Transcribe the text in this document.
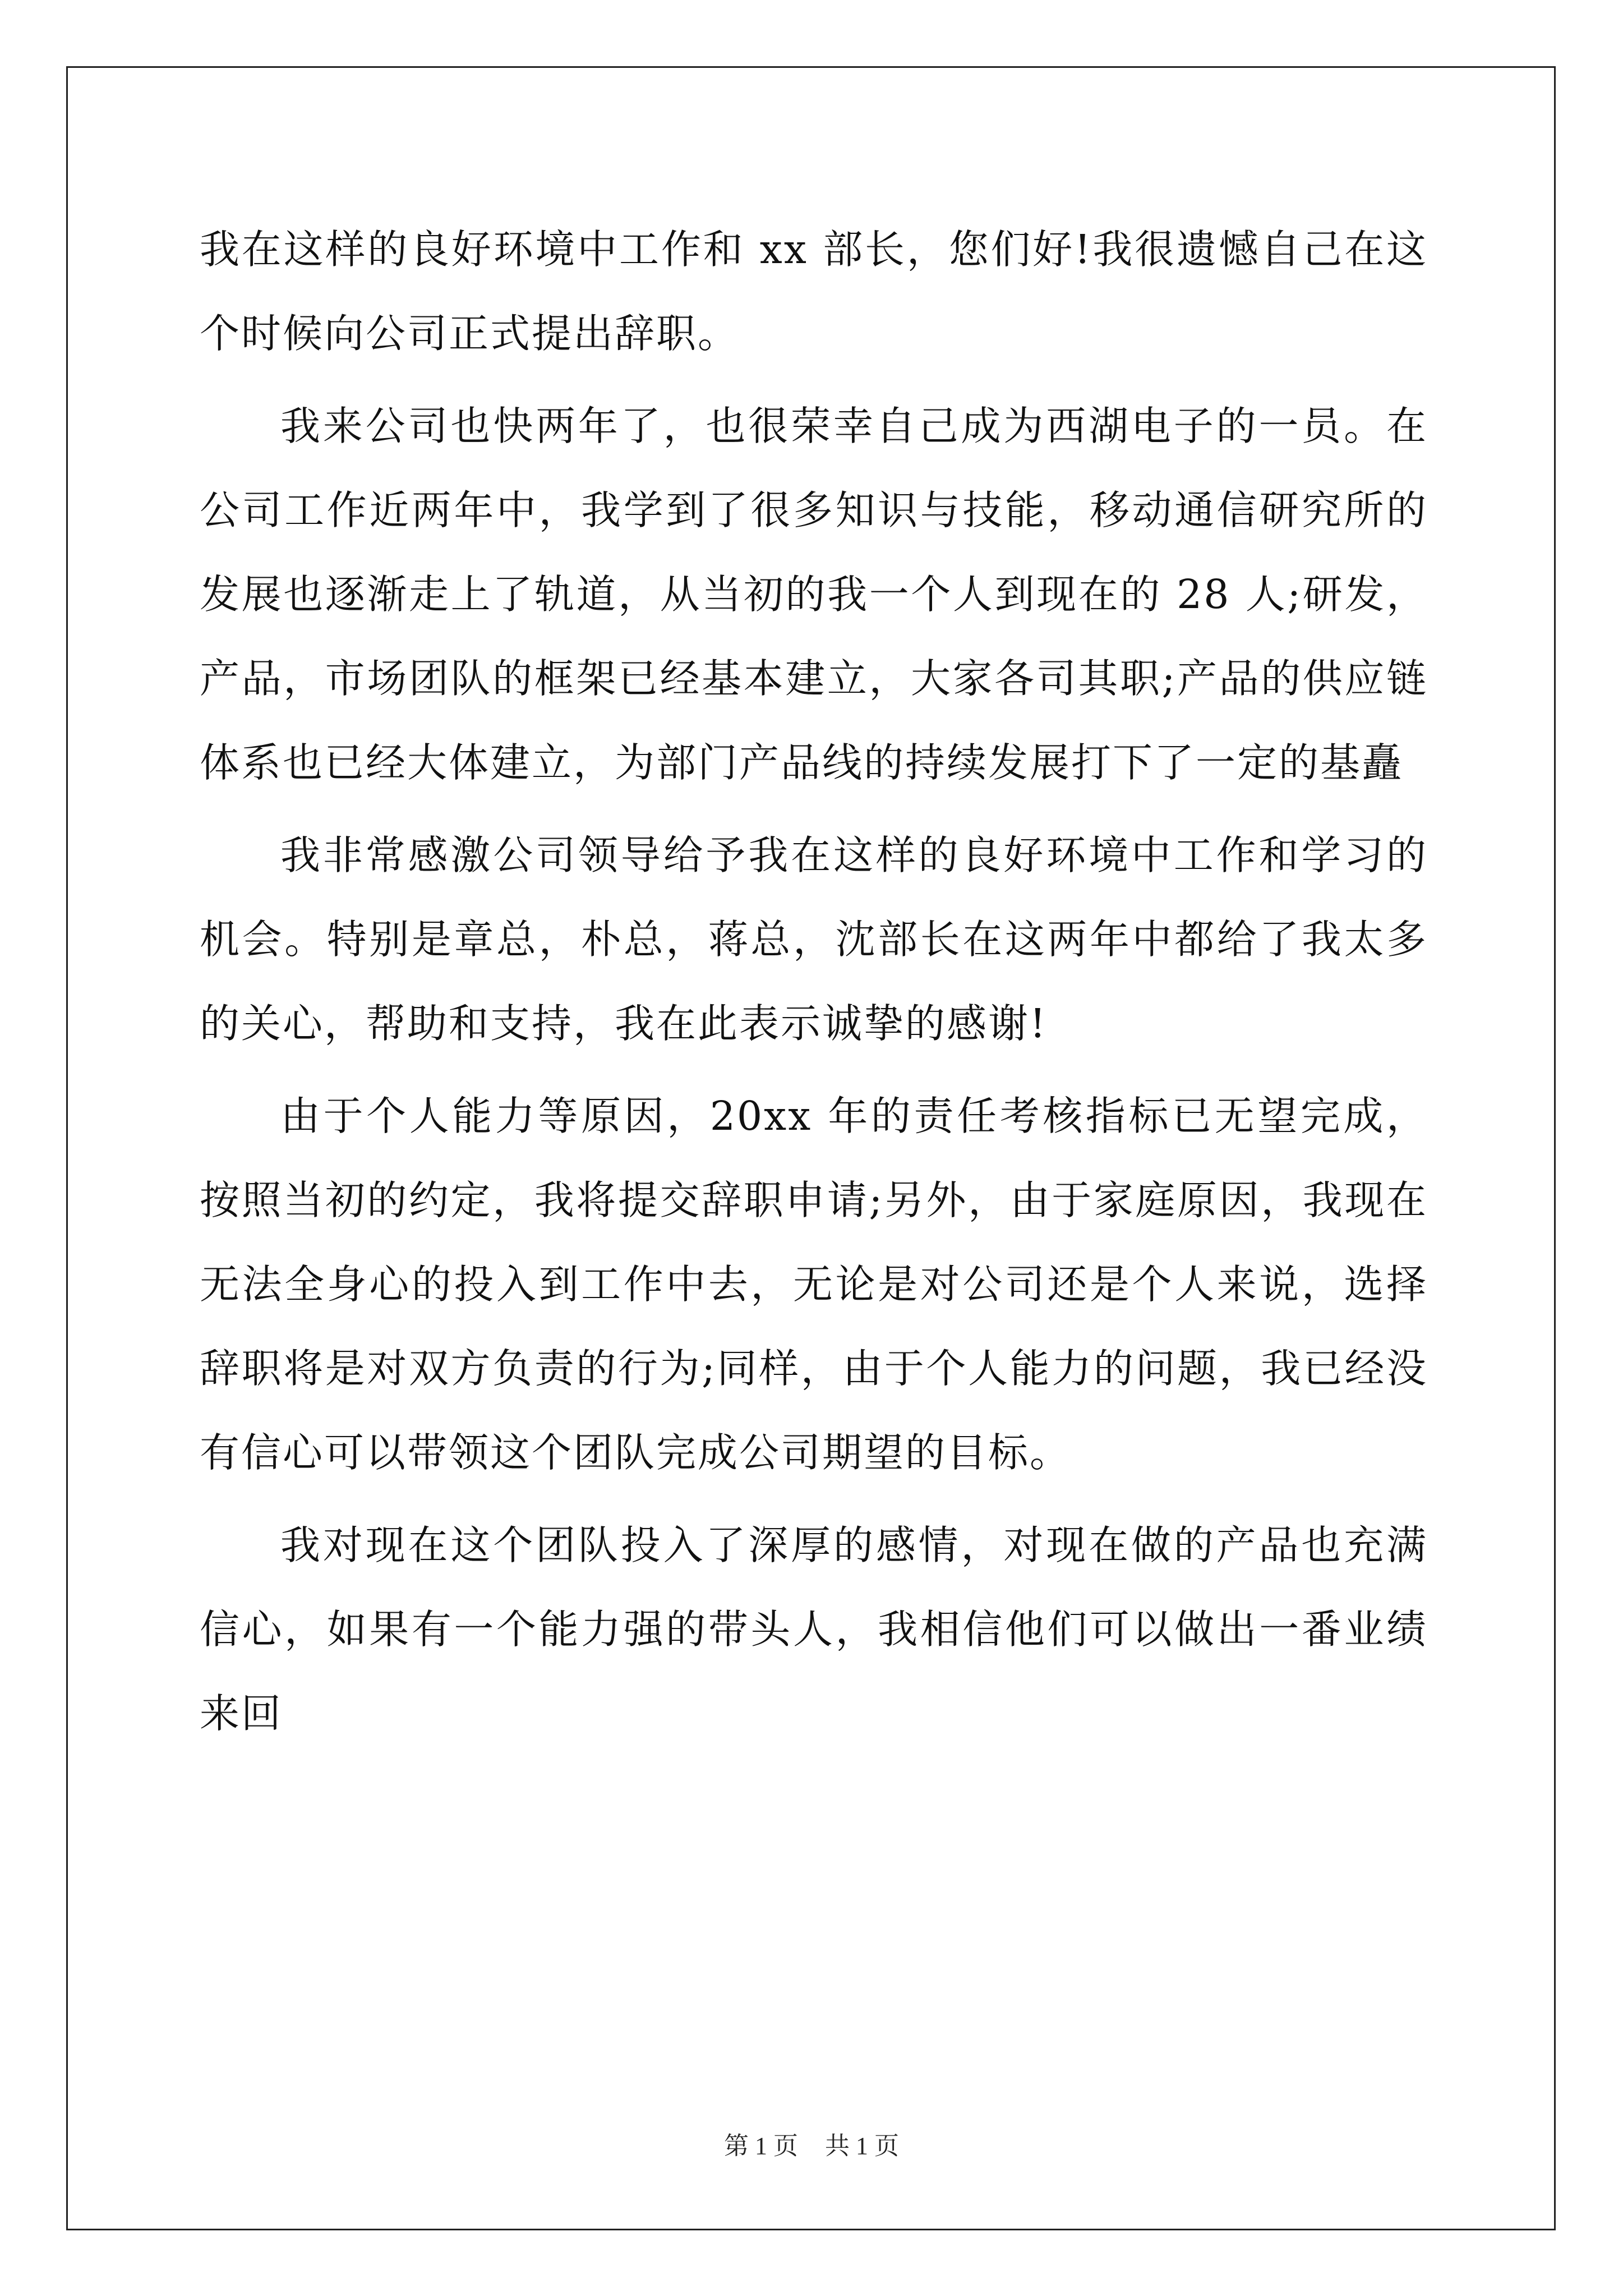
我在这样的良好环境中工作和 xx 部长，您们好!我很遗憾自己在这个时候向公司正式提出辞职。

我来公司也快两年了，也很荣幸自己成为西湖电子的一员。在公司工作近两年中，我学到了很多知识与技能，移动通信研究所的发展也逐渐走上了轨道，从当初的我一个人到现在的 28 人;研发，产品，市场团队的框架已经基本建立，大家各司其职;产品的供应链体系也已经大体建立，为部门产品线的持续发展打下了一定的基矗

我非常感激公司领导给予我在这样的良好环境中工作和学习的机会。特别是章总，朴总，蒋总，沈部长在这两年中都给了我太多的关心，帮助和支持，我在此表示诚挚的感谢!

由于个人能力等原因，20xx 年的责任考核指标已无望完成，按照当初的约定，我将提交辞职申请;另外，由于家庭原因，我现在无法全身心的投入到工作中去，无论是对公司还是个人来说，选择辞职将是对双方负责的行为;同样，由于个人能力的问题，我已经没有信心可以带领这个团队完成公司期望的目标。

我对现在这个团队投入了深厚的感情，对现在做的产品也充满信心，如果有一个能力强的带头人，我相信他们可以做出一番业绩来回

第 1 页 共 1 页
